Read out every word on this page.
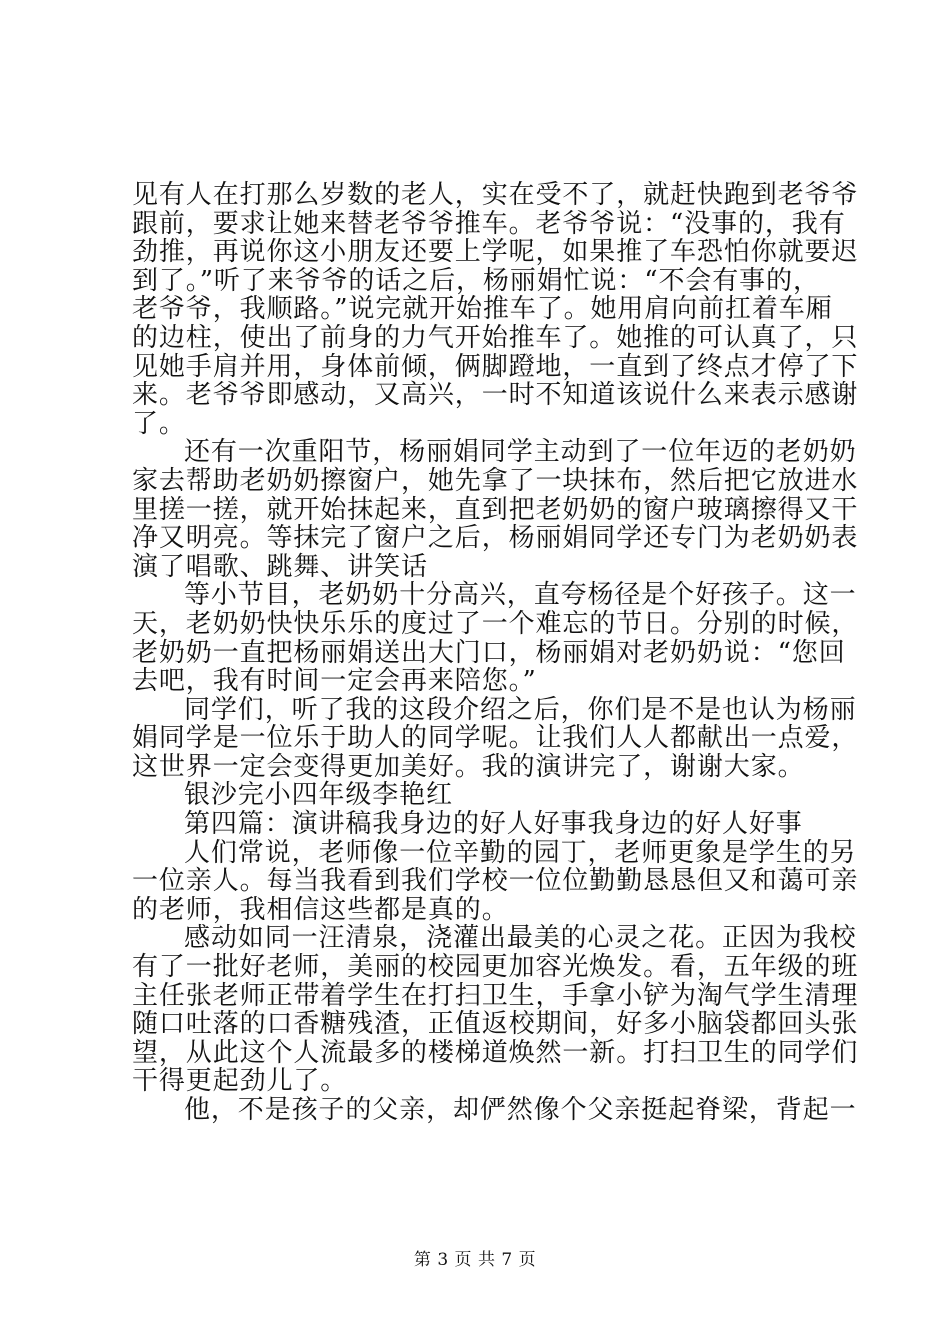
见有人在打那么岁数的老人，实在受不了，就赶快跑到老爷爷
跟前，要求让她来替老爷爷推车。老爷爷说：“没事的，我有
劲推，再说你这小朋友还要上学呢，如果推了车恐怕你就要迟
到了。”听了来爷爷的话之后，杨丽娟忙说：“不会有事的，
老爷爷，我顺路。”说完就开始推车了。她用肩向前扛着车厢
的边柱，使出了前身的力气开始推车了。她推的可认真了，只
见她手肩并用，身体前倾，俩脚蹬地，一直到了终点才停了下
来。老爷爷即感动，又高兴，一时不知道该说什么来表示感谢
了。
还有一次重阳节，杨丽娟同学主动到了一位年迈的老奶奶
家去帮助老奶奶擦窗户，她先拿了一块抹布，然后把它放进水
里搓一搓，就开始抹起来，直到把老奶奶的窗户玻璃擦得又干
净又明亮。等抹完了窗户之后，杨丽娟同学还专门为老奶奶表
演了唱歌、跳舞、讲笑话
等小节目，老奶奶十分高兴，直夸杨径是个好孩子。这一
天，老奶奶快快乐乐的度过了一个难忘的节日。分别的时候，
老奶奶一直把杨丽娟送出大门口，杨丽娟对老奶奶说：“您回
去吧，我有时间一定会再来陪您。”
同学们，听了我的这段介绍之后，你们是不是也认为杨丽
娟同学是一位乐于助人的同学呢。让我们人人都献出一点爱，
这世界一定会变得更加美好。我的演讲完了，谢谢大家。
银沙完小四年级李艳红
第四篇：演讲稿我身边的好人好事我身边的好人好事
人们常说，老师像一位辛勤的园丁，老师更象是学生的另
一位亲人。每当我看到我们学校一位位勤勤恳恳但又和蔼可亲
的老师，我相信这些都是真的。
感动如同一汪清泉，浇灌出最美的心灵之花。正因为我校
有了一批好老师，美丽的校园更加容光焕发。看，五年级的班
主任张老师正带着学生在打扫卫生，手拿小铲为淘气学生清理
随口吐落的口香糖残渣，正值返校期间，好多小脑袋都回头张
望，从此这个人流最多的楼梯道焕然一新。打扫卫生的同学们
干得更起劲儿了。
他，不是孩子的父亲，却俨然像个父亲挺起脊梁，背起一
第 3 页 共 7 页
